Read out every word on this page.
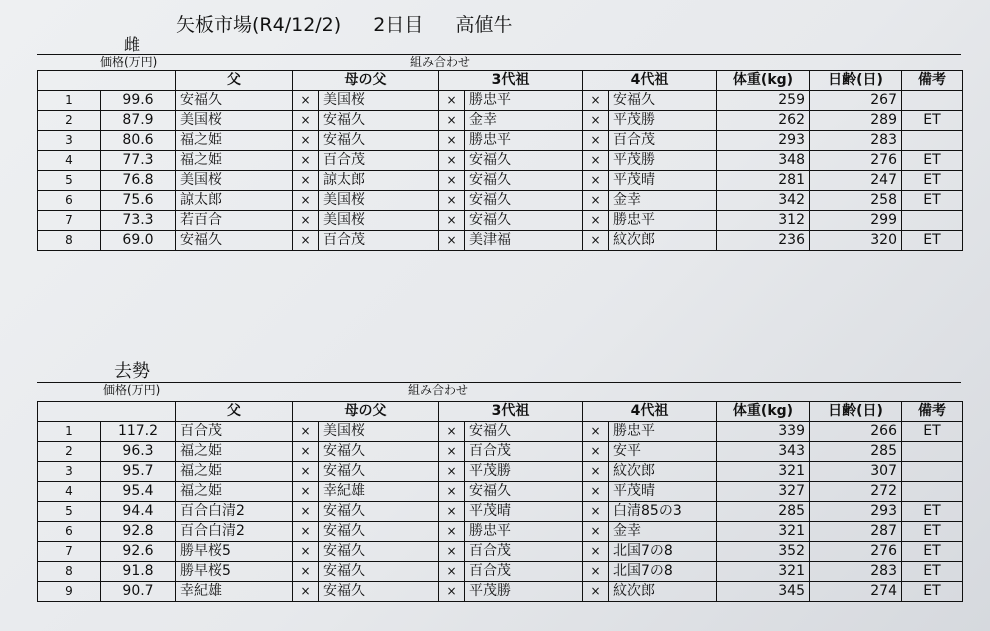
矢板市場(R4/12/2) 2日目 高値牛
雌
価格(万円)	組み合わせ
		父	母の父		3代祖		4代祖		体重(kg)	日齢(日)	備考
1	99.6	安福久	×	美国桜	×	勝忠平	×	安福久	259	267	
2	87.9	美国桜	×	安福久	×	金幸	×	平茂勝	262	289	ET
3	80.6	福之姫	×	安福久	×	勝忠平	×	百合茂	293	283	
4	77.3	福之姫	×	百合茂	×	安福久	×	平茂勝	348	276	ET
5	76.8	美国桜	×	諒太郎	×	安福久	×	平茂晴	281	247	ET
6	75.6	諒太郎	×	美国桜	×	安福久	×	金幸	342	258	ET
7	73.3	若百合	×	美国桜	×	安福久	×	勝忠平	312	299	
8	69.0	安福久	×	百合茂	×	美津福	×	紋次郎	236	320	ET
去勢
価格(万円)	組み合わせ
		父	母の父		3代祖		4代祖		体重(kg)	日齢(日)	備考
1	117.2	百合茂	×	美国桜	×	安福久	×	勝忠平	339	266	ET
2	96.3	福之姫	×	安福久	×	百合茂	×	安平	343	285	
3	95.7	福之姫	×	安福久	×	平茂勝	×	紋次郎	321	307	
4	95.4	福之姫	×	幸紀雄	×	安福久	×	平茂晴	327	272	
5	94.4	百合白清2	×	安福久	×	平茂晴	×	白清85の3	285	293	ET
6	92.8	百合白清2	×	安福久	×	勝忠平	×	金幸	321	287	ET
7	92.6	勝早桜5	×	安福久	×	百合茂	×	北国7の8	352	276	ET
8	91.8	勝早桜5	×	安福久	×	百合茂	×	北国7の8	321	283	ET
9	90.7	幸紀雄	×	安福久	×	平茂勝	×	紋次郎	345	274	ET
